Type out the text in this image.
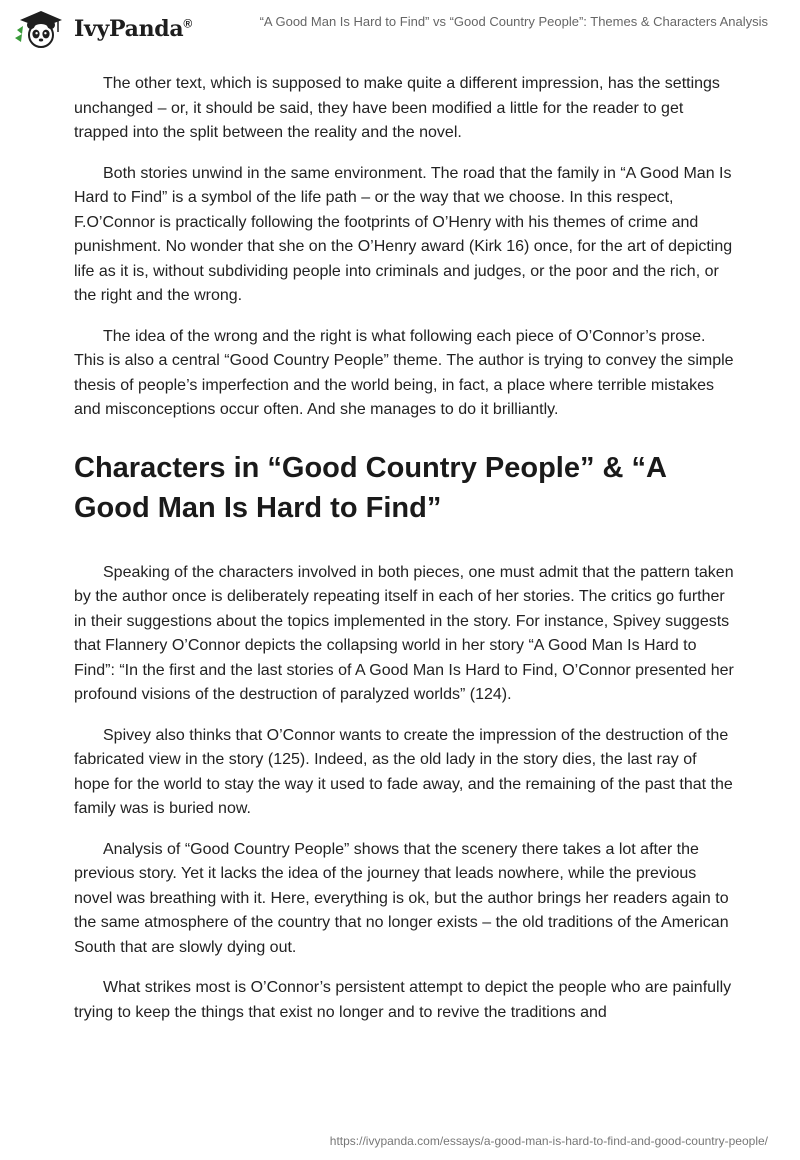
IvyPanda®	“A Good Man Is Hard to Find” vs “Good Country People”: Themes & Characters Analysis

The other text, which is supposed to make quite a different impression, has the settings unchanged – or, it should be said, they have been modified a little for the reader to get trapped into the split between the reality and the novel.

Both stories unwind in the same environment. The road that the family in “A Good Man Is Hard to Find” is a symbol of the life path – or the way that we choose. In this respect, F.O’Connor is practically following the footprints of O’Henry with his themes of crime and punishment. No wonder that she on the O’Henry award (Kirk 16) once, for the art of depicting life as it is, without subdividing people into criminals and judges, or the poor and the rich, or the right and the wrong.

The idea of the wrong and the right is what following each piece of O’Connor’s prose. This is also a central “Good Country People” theme. The author is trying to convey the simple thesis of people’s imperfection and the world being, in fact, a place where terrible mistakes and misconceptions occur often. And she manages to do it brilliantly.

Characters in “Good Country People” & “A Good Man Is Hard to Find”

Speaking of the characters involved in both pieces, one must admit that the pattern taken by the author once is deliberately repeating itself in each of her stories. The critics go further in their suggestions about the topics implemented in the story. For instance, Spivey suggests that Flannery O’Connor depicts the collapsing world in her story “A Good Man Is Hard to Find”: “In the first and the last stories of A Good Man Is Hard to Find, O’Connor presented her profound visions of the destruction of paralyzed worlds” (124).

Spivey also thinks that O’Connor wants to create the impression of the destruction of the fabricated view in the story (125). Indeed, as the old lady in the story dies, the last ray of hope for the world to stay the way it used to fade away, and the remaining of the past that the family was is buried now.

Analysis of “Good Country People” shows that the scenery there takes a lot after the previous story. Yet it lacks the idea of the journey that leads nowhere, while the previous novel was breathing with it. Here, everything is ok, but the author brings her readers again to the same atmosphere of the country that no longer exists – the old traditions of the American South that are slowly dying out.

What strikes most is O’Connor’s persistent attempt to depict the people who are painfully trying to keep the things that exist no longer and to revive the traditions and

https://ivypanda.com/essays/a-good-man-is-hard-to-find-and-good-country-people/
